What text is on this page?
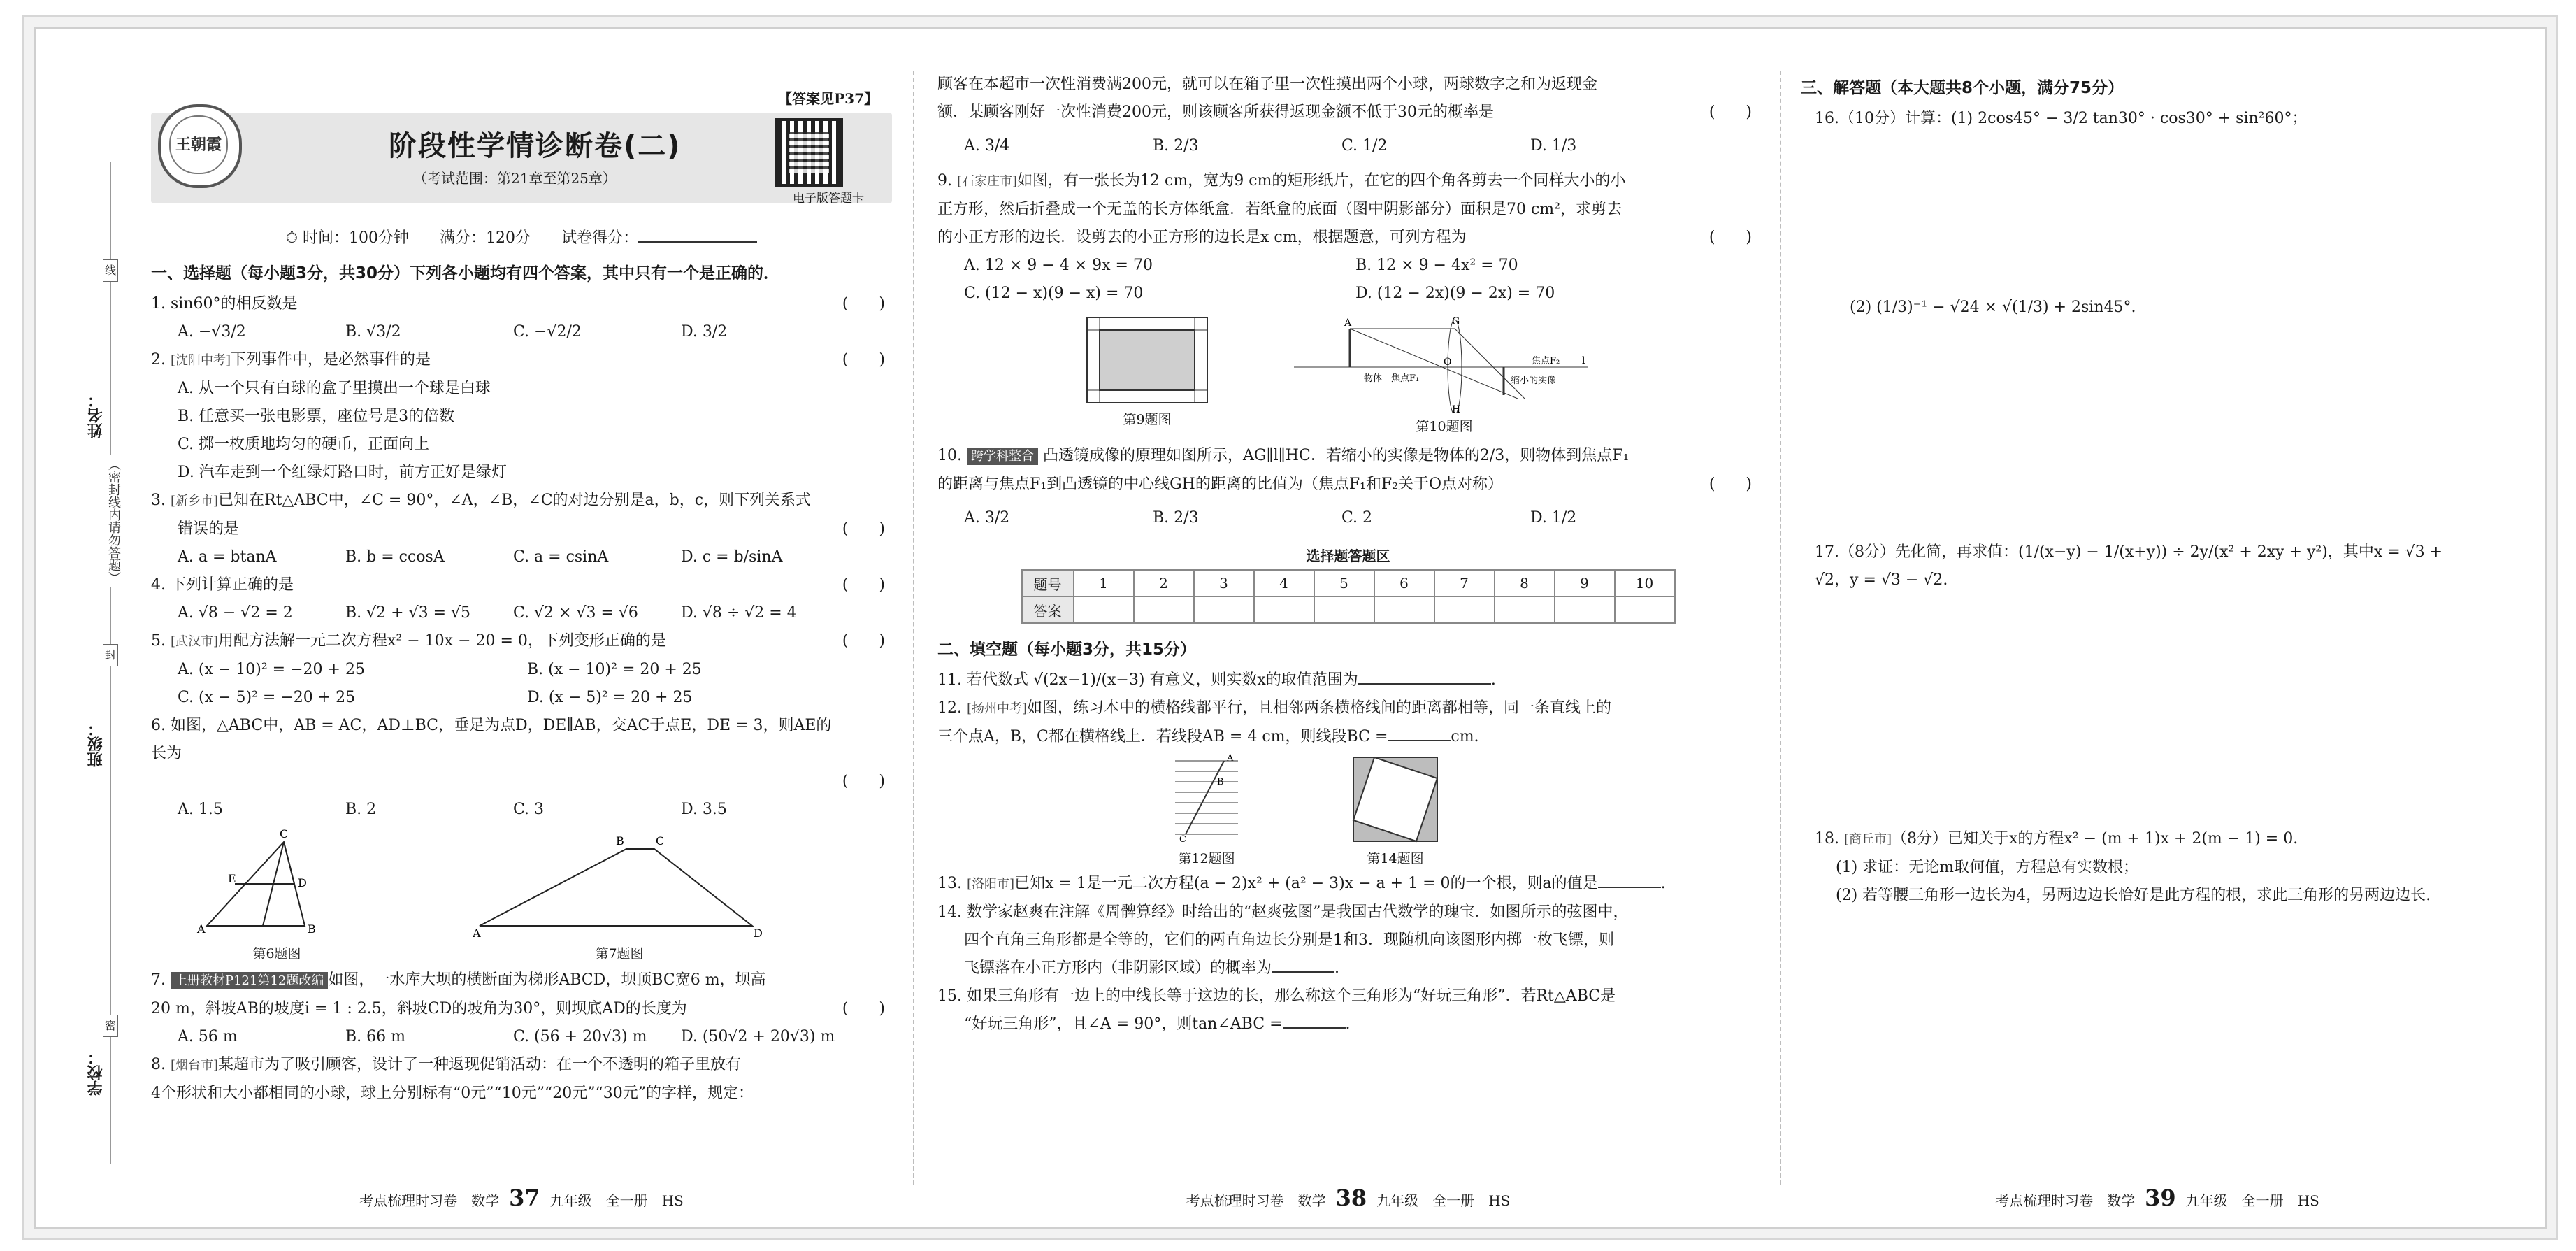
姓名：
班级：
学校：
线
封
密
（密封线内请勿答题）
【答案见P37】
王朝霞	阶段性学情诊断卷(二)
（考试范围：第21章至第25章）
电子版答题卡
⏱ 时间：100分钟　　 满分：120分　　 试卷得分：
一、选择题（每小题3分，共30分）下列各小题均有四个答案，其中只有一个是正确的．
1. sin60°的相反数是	(　　)
A. −√3/2	B. √3/2	C. −√2/2	D. 3/2
2. [沈阳中考]下列事件中，是必然事件的是	(　　)
A. 从一个只有白球的盒子里摸出一个球是白球
B. 任意买一张电影票，座位号是3的倍数
C. 掷一枚质地均匀的硬币，正面向上
D. 汽车走到一个红绿灯路口时，前方正好是绿灯
3. [新乡市]已知在Rt△ABC中，∠C = 90°，∠A，∠B，∠C的对边分别是a，b，c，则下列关系式
错误的是	(　　)
A. a = btanA	B. b = ccosA	C. a = csinA	D. c = b/sinA
4. 下列计算正确的是	(　　)
A. √8 − √2 = 2	B. √2 + √3 = √5	C. √2 × √3 = √6	D. √8 ÷ √2 = 4
5. [武汉市]用配方法解一元二次方程x² − 10x − 20 = 0，下列变形正确的是	(　　)
A. (x − 10)² = −20 + 25	B. (x − 10)² = 20 + 25
C. (x − 5)² = −20 + 25	D. (x − 5)² = 20 + 25
6. 如图，△ABC中，AB = AC，AD⊥BC，垂足为点D，DE∥AB，交AC于点E，DE = 3，则AE的长为
(　　)

A. 1.5	B. 2	C. 3	D. 3.5
C
E	D
A	B
第6题图
B	C
A	D
第7题图
7. 上册教材P121第12题改编 如图，一水库大坝的横断面为梯形ABCD，坝顶BC宽6 m，坝高
20 m，斜坡AB的坡度i = 1 : 2.5，斜坡CD的坡角为30°，则坝底AD的长度为	(　　)
A. 56 m	B. 66 m	C. (56 + 20√3) m	D. (50√2 + 20√3) m
8. [烟台市]某超市为了吸引顾客，设计了一种返现促销活动：在一个不透明的箱子里放有
4个形状和大小都相同的小球，球上分别标有“0元”“10元”“20元”“30元”的字样，规定：
考点梳理时习卷　 数学 37 九年级　 全一册　 HS
顾客在本超市一次性消费满200元，就可以在箱子里一次性摸出两个小球，两球数字之和为返现金
额．某顾客刚好一次性消费200元，则该顾客所获得返现金额不低于30元的概率是	(　　)
A. 3/4	B. 2/3	C. 1/2	D. 1/3
9. [石家庄市]如图，有一张长为12 cm，宽为9 cm的矩形纸片，在它的四个角各剪去一个同样大小的小
正方形，然后折叠成一个无盖的长方体纸盒．若纸盒的底面（图中阴影部分）面积是70 cm²，求剪去
的小正方形的边长．设剪去的小正方形的边长是x cm，根据题意，可列方程为	(　　)
A. 12 × 9 − 4 × 9x = 70	B. 12 × 9 − 4x² = 70
C. (12 − x)(9 − x) = 70	D. (12 − 2x)(9 − 2x) = 70
第9题图
A	G
H
O	焦点F₂
物体　焦点F₁	缩小的实像
l
第10题图
10. 跨学科整合 凸透镜成像的原理如图所示，AG∥l∥HC．若缩小的实像是物体的2/3，则物体到焦点F₁
的距离与焦点F₁到凸透镜的中心线GH的距离的比值为（焦点F₁和F₂关于O点对称）	(　　)
A. 3/2	B. 2/3	C. 2	D. 1/2
选择题答题区
题号	1	2	3	4	5	6	7	8	9	10
答案										
二、填空题（每小题3分，共15分）
11. 若代数式 √(2x−1)/(x−3) 有意义，则实数x的取值范围为	.
12. [扬州中考]如图，练习本中的横格线都平行，且相邻两条横格线间的距离都相等，同一条直线上的
三个点A，B，C都在横格线上．若线段AB = 4 cm，则线段BC =	cm.
A
B
C
第12题图	第14题图
13. [洛阳市]已知x = 1是一元二次方程(a − 2)x² + (a² − 3)x − a + 1 = 0的一个根，则a的值是	.
14. 数学家赵爽在注解《周髀算经》时给出的“赵爽弦图”是我国古代数学的瑰宝．如图所示的弦图中，
四个直角三角形都是全等的，它们的两直角边长分别是1和3．现随机向该图形内掷一枚飞镖，则
飞镖落在小正方形内（非阴影区域）的概率为	.
15. 如果三角形有一边上的中线长等于这边的长，那么称这个三角形为“好玩三角形”．若Rt△ABC是
“好玩三角形”，且∠A = 90°，则tan∠ABC =	.
考点梳理时习卷　 数学 38 九年级　 全一册　 HS
三、解答题（本大题共8个小题，满分75分）
16.（10分）计算：(1) 2cos45° − 3/2 tan30° · cos30° + sin²60°；
(2) (1/3)⁻¹ − √24 × √(1/3) + 2sin45°.
17.（8分）先化简，再求值：(1/(x−y) − 1/(x+y)) ÷ 2y/(x² + 2xy + y²)，其中x = √3 + √2，y = √3 − √2.
18. [商丘市]（8分）已知关于x的方程x² − (m + 1)x + 2(m − 1) = 0.
(1) 求证：无论m取何值，方程总有实数根；
(2) 若等腰三角形一边长为4，另两边边长恰好是此方程的根，求此三角形的另两边边长.
考点梳理时习卷　 数学 39 九年级　 全一册　 HS
